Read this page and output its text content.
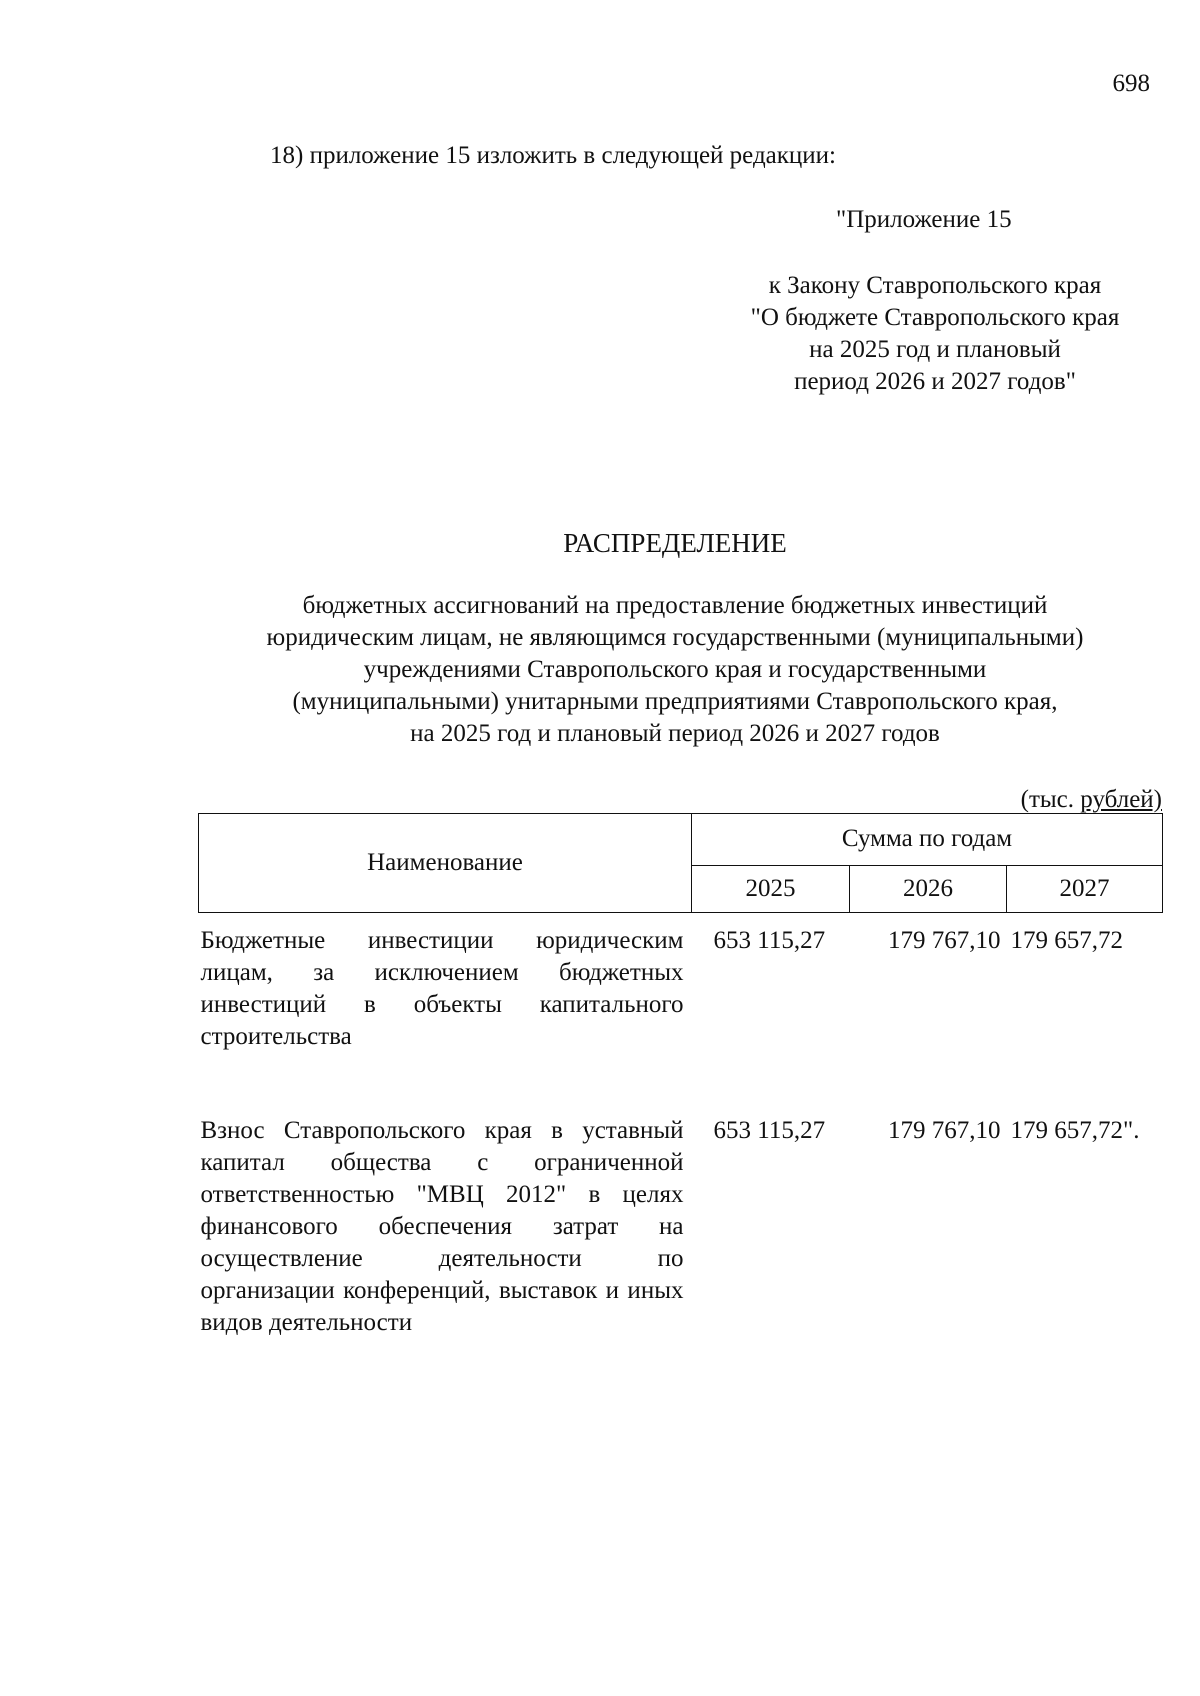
698
18) приложение 15 изложить в следующей редакции:
"Приложение 15
к Закону Ставропольского края
"О бюджете Ставропольского края
на 2025 год и плановый
период 2026 и 2027 годов"
РАСПРЕДЕЛЕНИЕ
бюджетных ассигнований на предоставление бюджетных инвестиций
юридическим лицам, не являющимся государственными (муниципальными)
учреждениями Ставропольского края и государственными
(муниципальными) унитарными предприятиями Ставропольского края,
на 2025 год и плановый период 2026 и 2027 годов
(тыс. рублей)
Наименование	Сумма по годам		
	2025	2026	2027
Бюджетные инвестиции юридическим лицам, за исключением бюджетных инвестиций в объекты капитального строительства	653 115,27	179 767,10	179 657,72

Взнос Ставропольского края в уставный капитал общества с ограниченной ответственностью "МВЦ 2012" в целях финансового обеспечения затрат на осуществление деятельности по организации конференций, выставок и иных видов деятельности	653 115,27	179 767,10	179 657,72".
